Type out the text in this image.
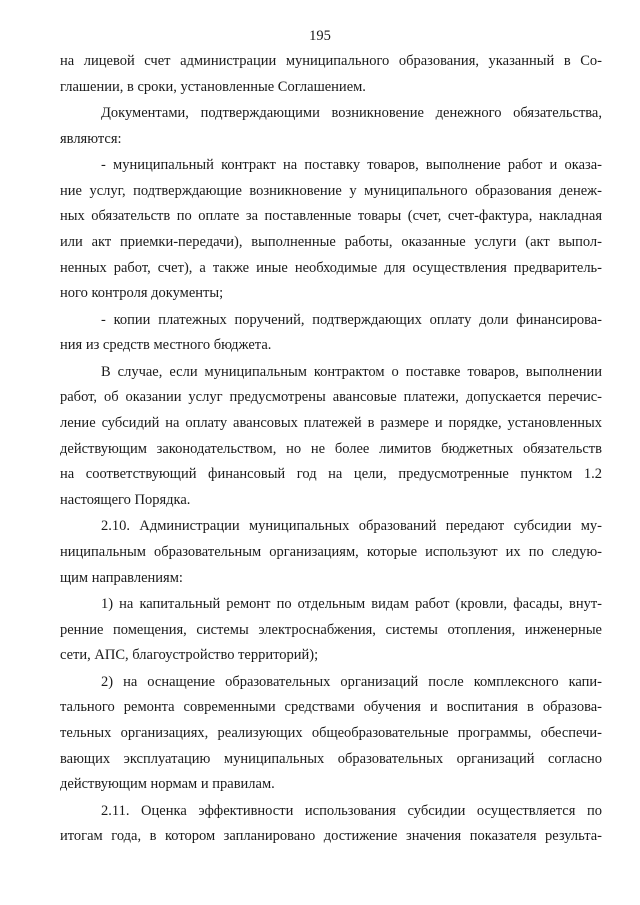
195
на лицевой счет администрации муниципального образования, указанный в Со-
глашении, в сроки, установленные Соглашением.
Документами, подтверждающими возникновение денежного обязательства,
являются:
- муниципальный контракт на поставку товаров, выполнение работ и оказа-
ние услуг, подтверждающие возникновение у муниципального образования денеж-
ных обязательств по оплате за поставленные товары (счет, счет-фактура, накладная
или акт приемки-передачи), выполненные работы, оказанные услуги (акт выпол-
ненных работ, счет), а также иные необходимые для осуществления предваритель-
ного контроля документы;
- копии платежных поручений, подтверждающих оплату доли финансирова-
ния из средств местного бюджета.
В случае, если муниципальным контрактом о поставке товаров, выполнении
работ, об оказании услуг предусмотрены авансовые платежи, допускается перечис-
ление субсидий на оплату авансовых платежей в размере и порядке, установленных
действующим законодательством, но не более лимитов бюджетных обязательств
на соответствующий финансовый год на цели, предусмотренные пунктом 1.2
настоящего Порядка.
2.10. Администрации муниципальных образований передают субсидии му-
ниципальным образовательным организациям, которые используют их по следую-
щим направлениям:
1) на капитальный ремонт по отдельным видам работ (кровли, фасады, внут-
ренние помещения, системы электроснабжения, системы отопления, инженерные
сети, АПС, благоустройство территорий);
2) на оснащение образовательных организаций после комплексного капи-
тального ремонта современными средствами обучения и воспитания в образова-
тельных организациях, реализующих общеобразовательные программы, обеспечи-
вающих эксплуатацию муниципальных образовательных организаций согласно
действующим нормам и правилам.
2.11. Оценка эффективности использования субсидии осуществляется по
итогам года, в котором запланировано достижение значения показателя результа-
